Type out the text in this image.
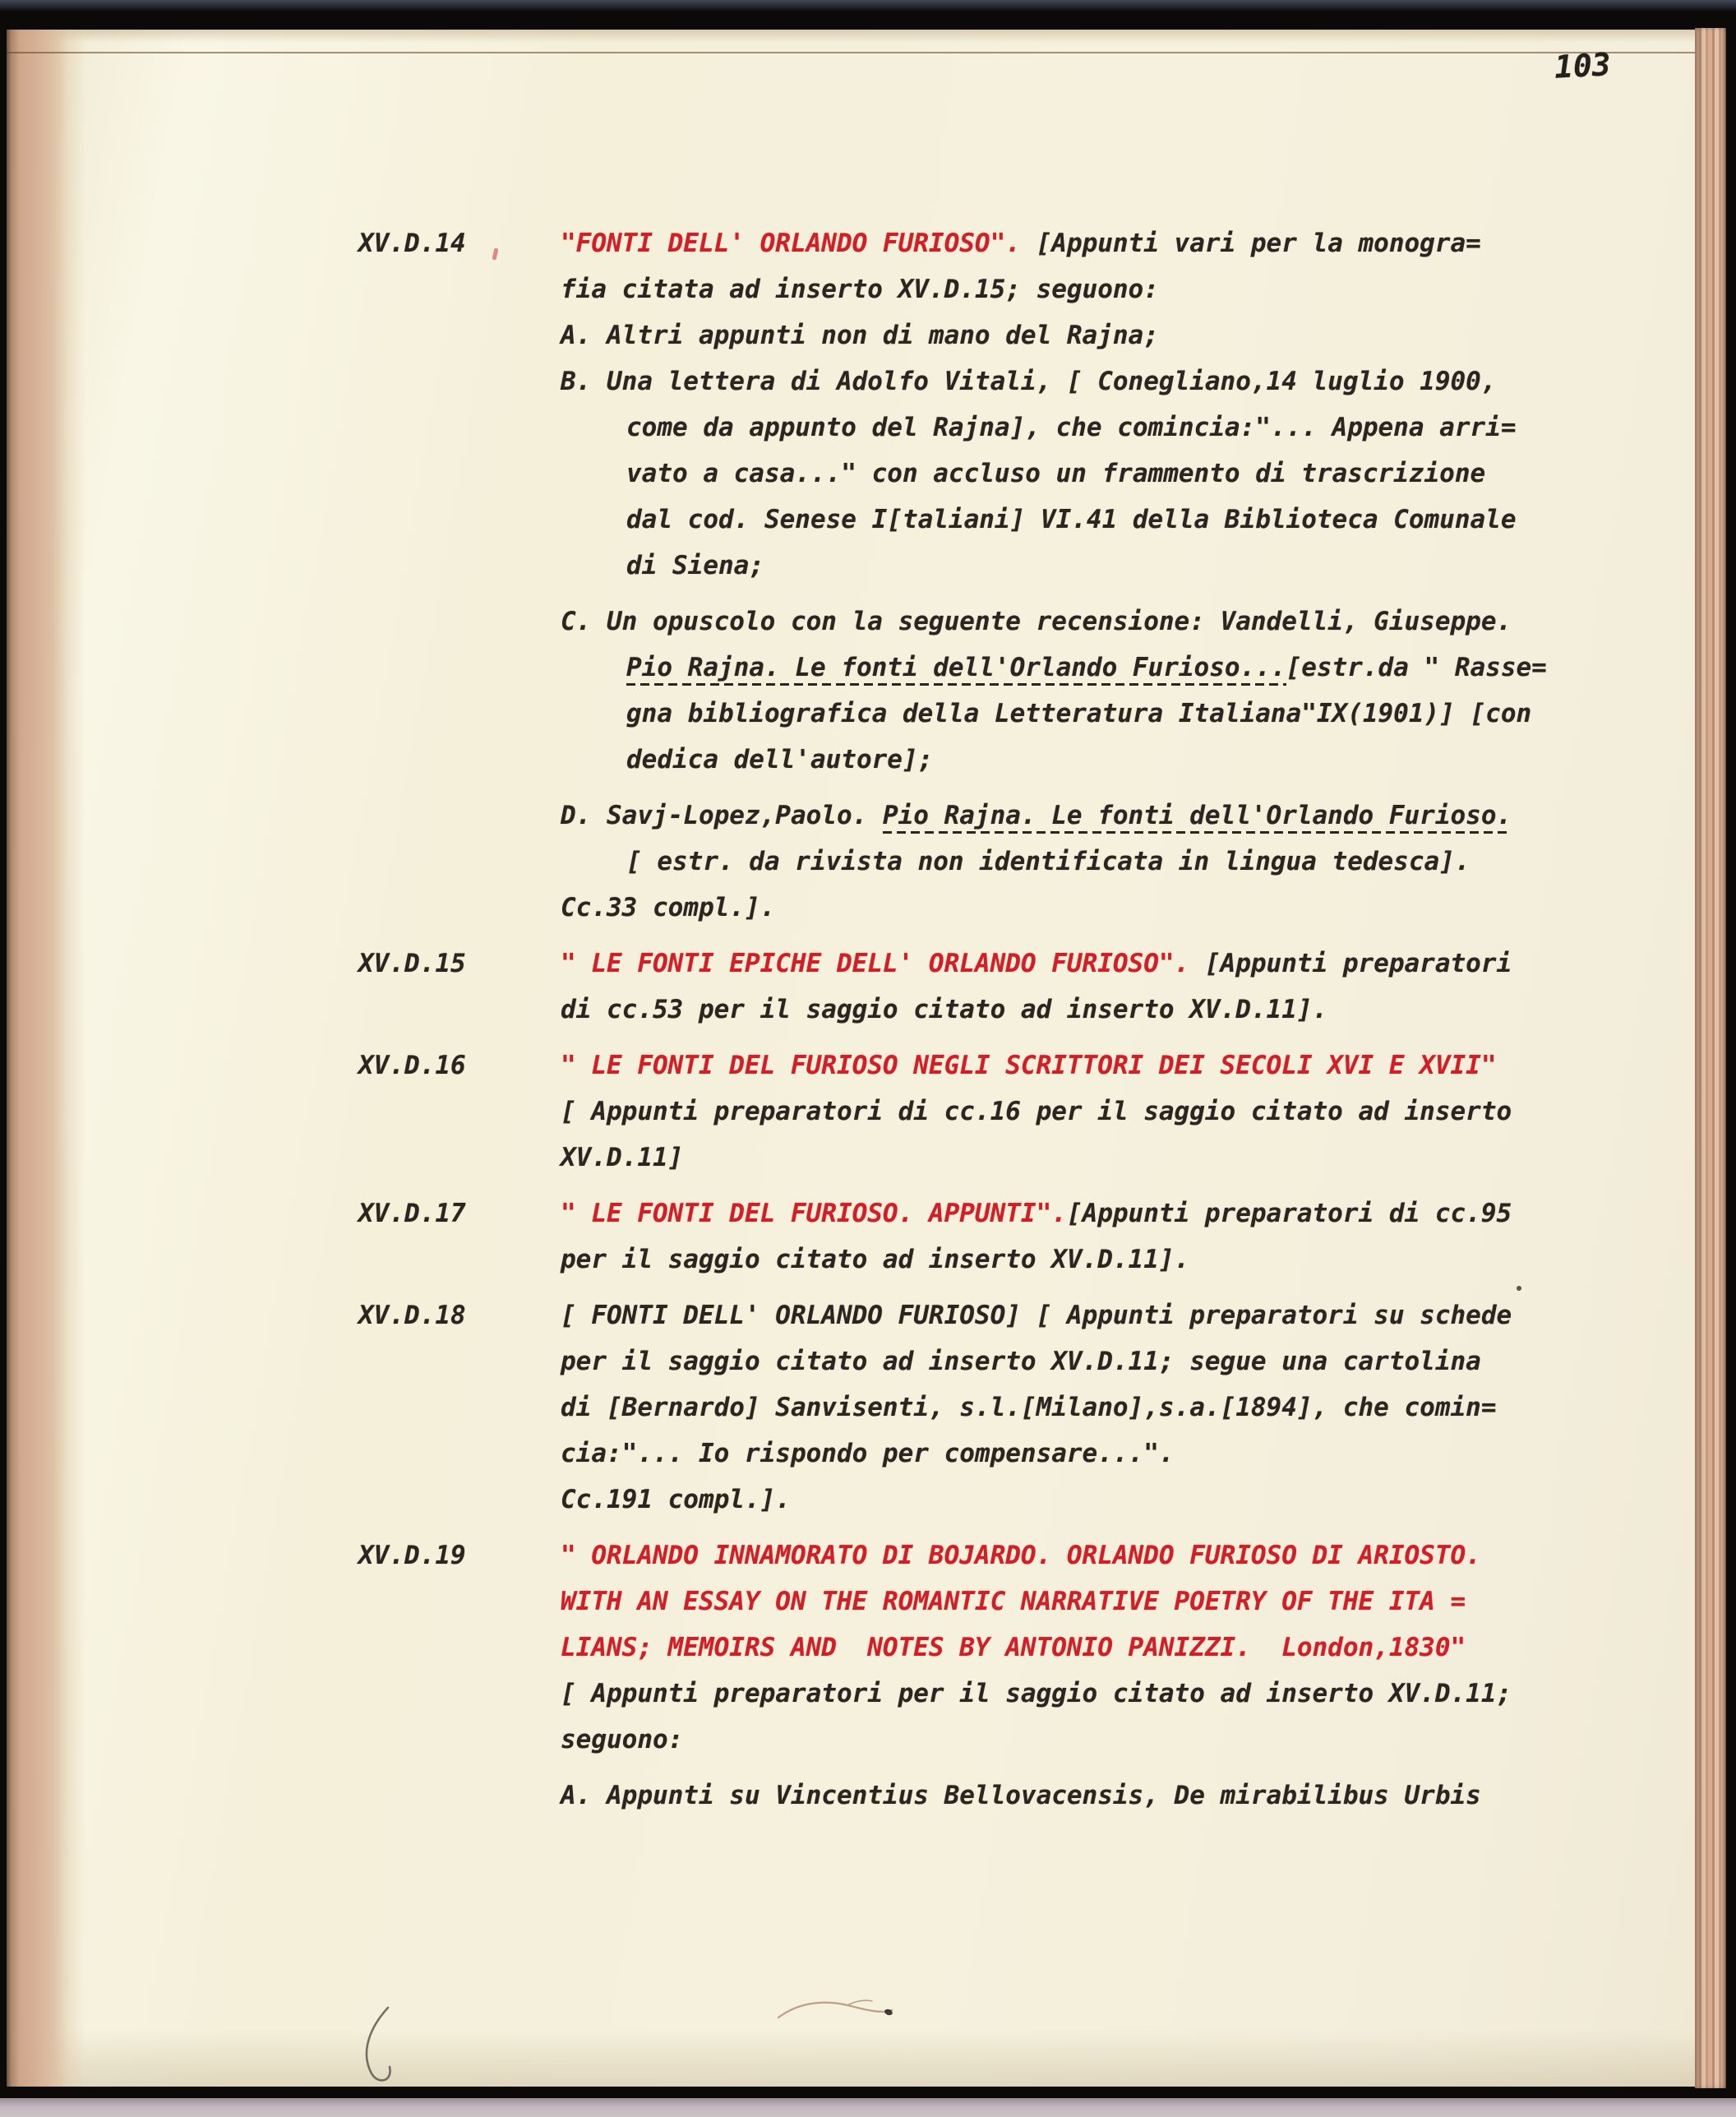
103
XV.D.14	"FONTI DELL' ORLANDO FURIOSO". [Appunti vari per la monogra=
fia citata ad inserto XV.D.15; seguono:
A. Altri appunti non di mano del Rajna;
B. Una lettera di Adolfo Vitali, [ Conegliano,14 luglio 1900,
come da appunto del Rajna], che comincia:"... Appena arri=
vato a casa..." con accluso un frammento di trascrizione
dal cod. Senese I[taliani] VI.41 della Biblioteca Comunale
di Siena;
C. Un opuscolo con la seguente recensione: Vandelli, Giuseppe.
Pio Rajna. Le fonti dell'Orlando Furioso...[estr.da " Rasse=
gna bibliografica della Letteratura Italiana"IX(1901)] [con
dedica dell'autore];
D. Savj-Lopez,Paolo. Pio Rajna. Le fonti dell'Orlando Furioso.
[ estr. da rivista non identificata in lingua tedesca].
Cc.33 compl.].
XV.D.15	" LE FONTI EPICHE DELL' ORLANDO FURIOSO". [Appunti preparatori
di cc.53 per il saggio citato ad inserto XV.D.11].
XV.D.16	" LE FONTI DEL FURIOSO NEGLI SCRITTORI DEI SECOLI XVI E XVII"
[ Appunti preparatori di cc.16 per il saggio citato ad inserto
XV.D.11]
XV.D.17	" LE FONTI DEL FURIOSO. APPUNTI".[Appunti preparatori di cc.95
per il saggio citato ad inserto XV.D.11].
XV.D.18	[ FONTI DELL' ORLANDO FURIOSO] [ Appunti preparatori su schede
per il saggio citato ad inserto XV.D.11; segue una cartolina
di [Bernardo] Sanvisenti, s.l.[Milano],s.a.[1894], che comin=
cia:"... Io rispondo per compensare...".
Cc.191 compl.].
XV.D.19	" ORLANDO INNAMORATO DI BOJARDO. ORLANDO FURIOSO DI ARIOSTO.
WITH AN ESSAY ON THE ROMANTIC NARRATIVE POETRY OF THE ITA =
LIANS; MEMOIRS AND  NOTES BY ANTONIO PANIZZI.  London,1830"
[ Appunti preparatori per il saggio citato ad inserto XV.D.11;
seguono:
A. Appunti su Vincentius Bellovacensis, De mirabilibus Urbis
